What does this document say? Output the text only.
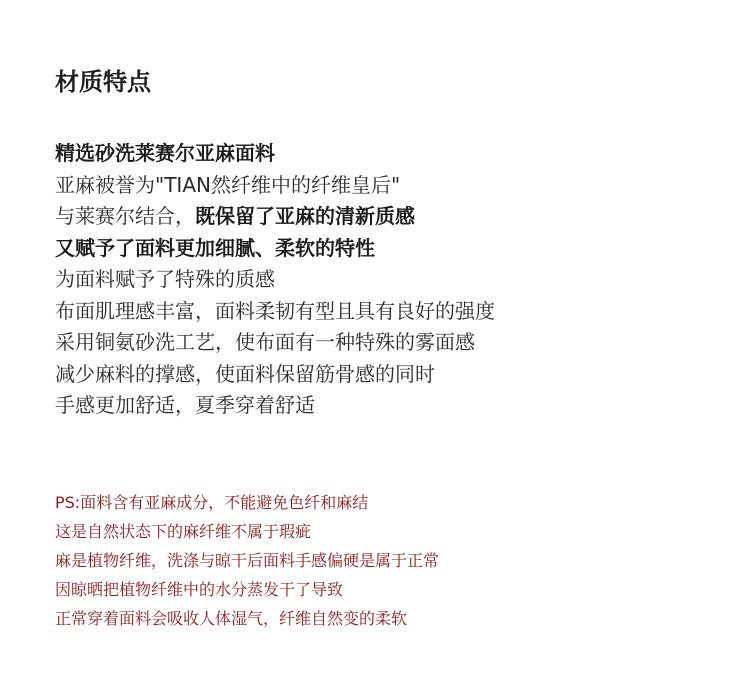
材质特点
精选砂洗莱赛尔亚麻面料
亚麻被誉为"TIAN然纤维中的纤维皇后"
与莱赛尔结合，既保留了亚麻的清新质感
又赋予了面料更加细腻、柔软的特性
为面料赋予了特殊的质感
布面肌理感丰富，面料柔韧有型且具有良好的强度
采用铜氨砂洗工艺，使布面有一种特殊的雾面感
减少麻料的撑感，使面料保留筋骨感的同时
手感更加舒适，夏季穿着舒适
PS:面料含有亚麻成分，不能避免色纤和麻结
这是自然状态下的麻纤维不属于瑕疵
麻是植物纤维，洗涤与晾干后面料手感偏硬是属于正常
因晾晒把植物纤维中的水分蒸发干了导致
正常穿着面料会吸收人体湿气，纤维自然变的柔软
